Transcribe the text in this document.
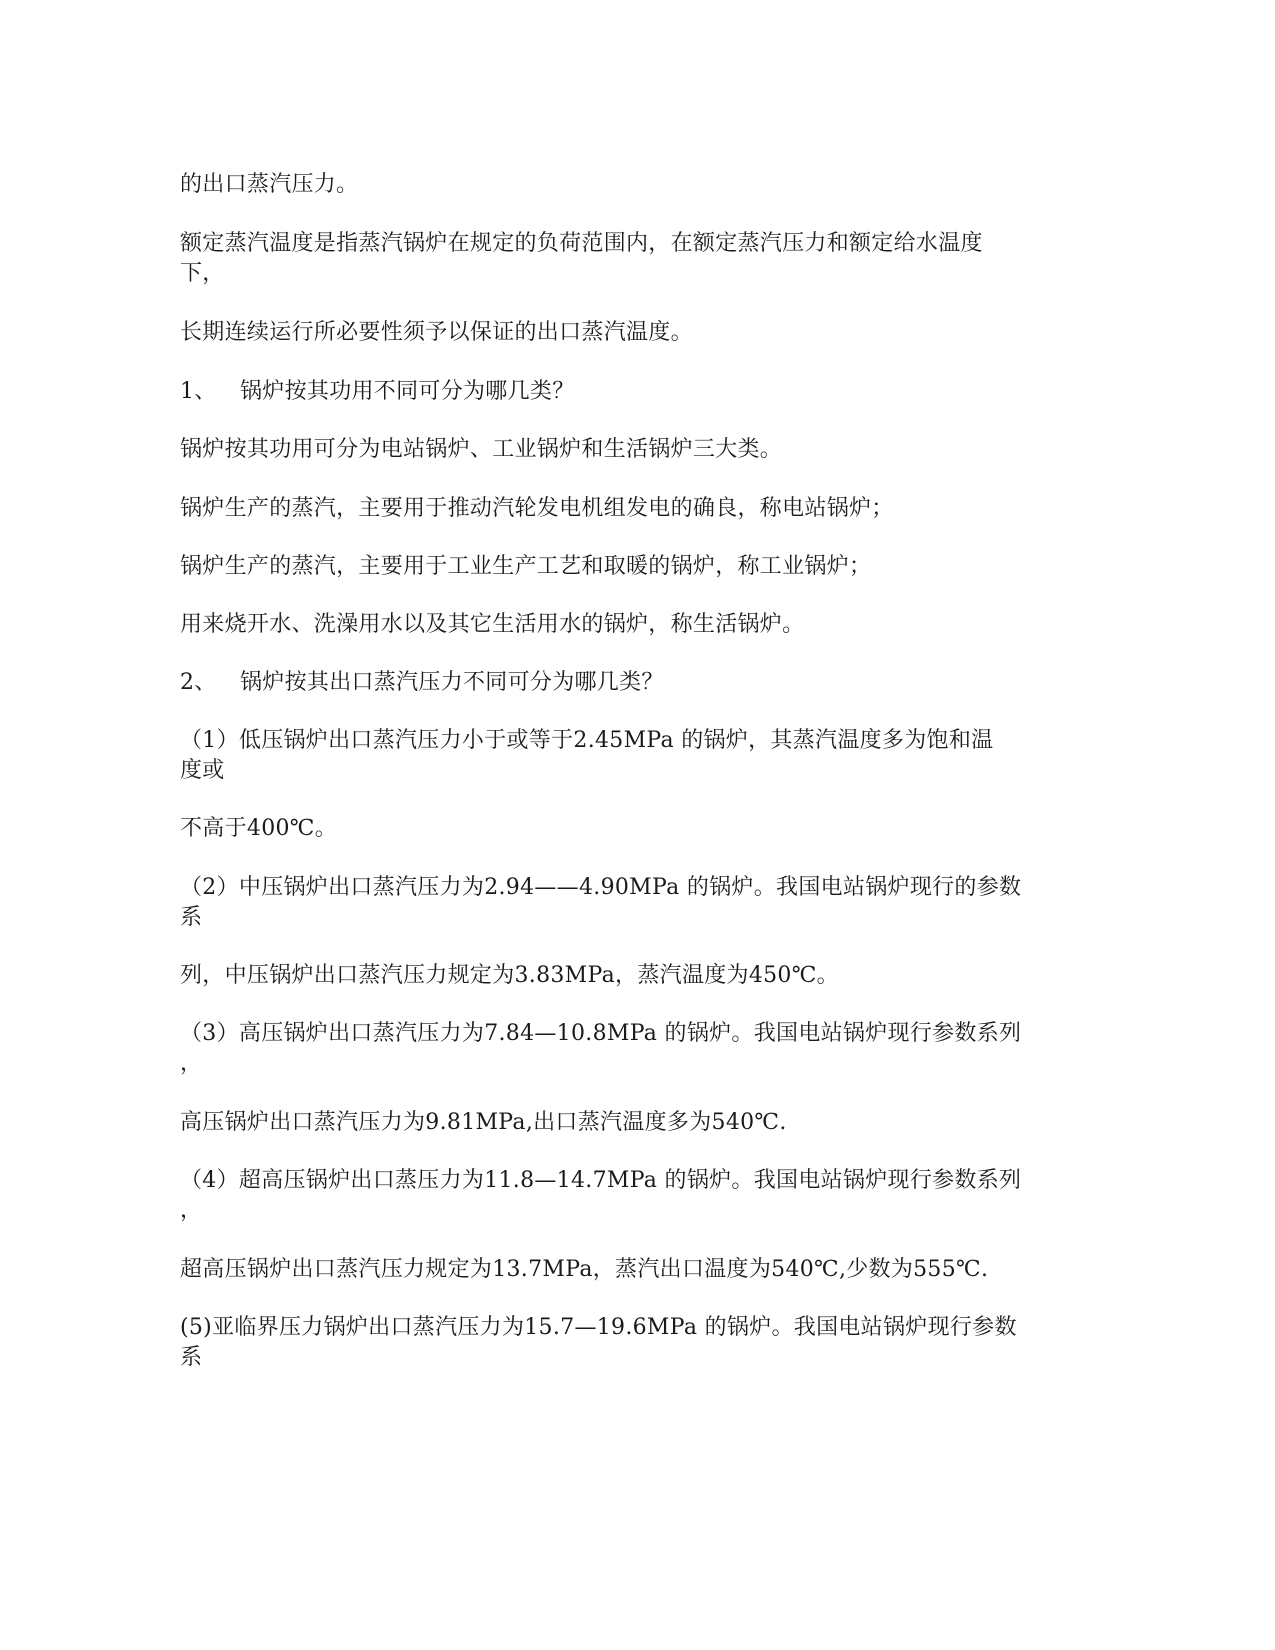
的出口蒸汽压力。
额定蒸汽温度是指蒸汽锅炉在规定的负荷范围内，在额定蒸汽压力和额定给水温度
下，
长期连续运行所必要性须予以保证的出口蒸汽温度。
1、 锅炉按其功用不同可分为哪几类？
锅炉按其功用可分为电站锅炉、工业锅炉和生活锅炉三大类。
锅炉生产的蒸汽，主要用于推动汽轮发电机组发电的确良，称电站锅炉；
锅炉生产的蒸汽，主要用于工业生产工艺和取暖的锅炉，称工业锅炉；
用来烧开水、洗澡用水以及其它生活用水的锅炉，称生活锅炉。
2、 锅炉按其出口蒸汽压力不同可分为哪几类？
（1）低压锅炉出口蒸汽压力小于或等于2.45MPa 的锅炉，其蒸汽温度多为饱和温
度或
不高于400℃。
（2）中压锅炉出口蒸汽压力为2.94——4.90MPa 的锅炉。我国电站锅炉现行的参数
系
列，中压锅炉出口蒸汽压力规定为3.83MPa，蒸汽温度为450℃。
（3）高压锅炉出口蒸汽压力为7.84—10.8MPa 的锅炉。我国电站锅炉现行参数系列
，
高压锅炉出口蒸汽压力为9.81MPa,出口蒸汽温度多为540℃.
（4）超高压锅炉出口蒸压力为11.8—14.7MPa 的锅炉。我国电站锅炉现行参数系列
，
超高压锅炉出口蒸汽压力规定为13.7MPa，蒸汽出口温度为540℃,少数为555℃.
(5)亚临界压力锅炉出口蒸汽压力为15.7—19.6MPa 的锅炉。我国电站锅炉现行参数
系
